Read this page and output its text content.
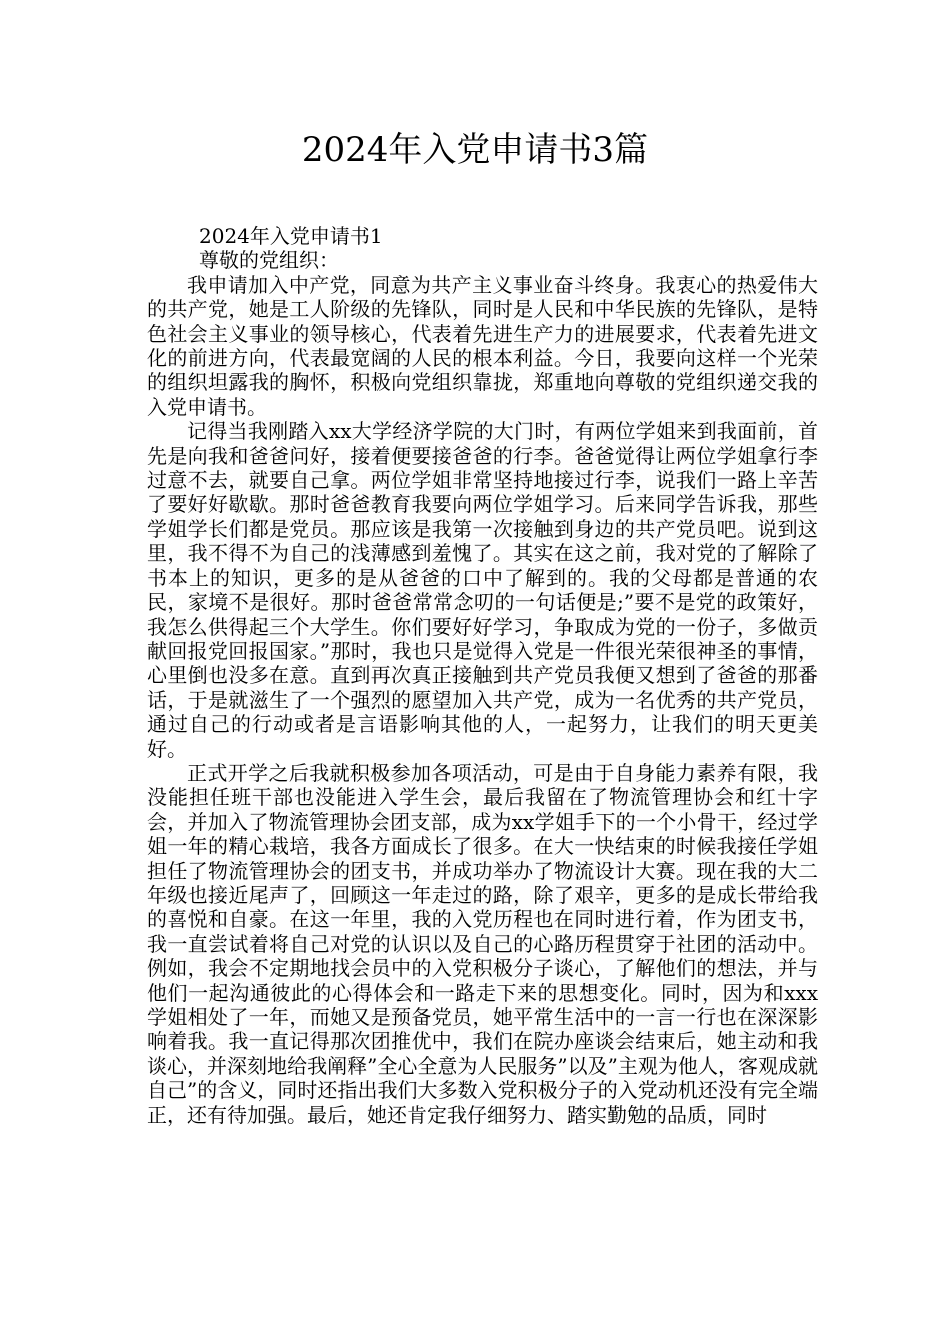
2024年入党申请书3篇

2024年入党申请书1

尊敬的党组织：

我申请加入中产党，同意为共产主义事业奋斗终身。我衷心的热爱伟大的共产党，她是工人阶级的先锋队，同时是人民和中华民族的先锋队，是特色社会主义事业的领导核心，代表着先进生产力的进展要求，代表着先进文化的前进方向，代表最宽阔的人民的根本利益。今日，我要向这样一个光荣的组织坦露我的胸怀，积极向党组织靠拢，郑重地向尊敬的党组织递交我的入党申请书。

记得当我刚踏入xx大学经济学院的大门时，有两位学姐来到我面前，首先是向我和爸爸问好，接着便要接爸爸的行李。爸爸觉得让两位学姐拿行李过意不去，就要自己拿。两位学姐非常坚持地接过行李，说我们一路上辛苦了要好好歇歇。那时爸爸教育我要向两位学姐学习。后来同学告诉我，那些学姐学长们都是党员。那应该是我第一次接触到身边的共产党员吧。说到这里，我不得不为自己的浅薄感到羞愧了。其实在这之前，我对党的了解除了书本上的知识，更多的是从爸爸的口中了解到的。我的父母都是普通的农民，家境不是很好。那时爸爸常常念叨的一句话便是;”要不是党的政策好，我怎么供得起三个大学生。你们要好好学习，争取成为党的一份子，多做贡献回报党回报国家。”那时，我也只是觉得入党是一件很光荣很神圣的事情，心里倒也没多在意。直到再次真正接触到共产党员我便又想到了爸爸的那番话，于是就滋生了一个强烈的愿望加入共产党，成为一名优秀的共产党员，通过自己的行动或者是言语影响其他的人，一起努力，让我们的明天更美好。

正式开学之后我就积极参加各项活动，可是由于自身能力素养有限，我没能担任班干部也没能进入学生会，最后我留在了物流管理协会和红十字会，并加入了物流管理协会团支部，成为xx学姐手下的一个小骨干，经过学姐一年的精心栽培，我各方面成长了很多。在大一快结束的时候我接任学姐担任了物流管理协会的团支书，并成功举办了物流设计大赛。现在我的大二年级也接近尾声了，回顾这一年走过的路，除了艰辛，更多的是成长带给我的喜悦和自豪。在这一年里，我的入党历程也在同时进行着，作为团支书，我一直尝试着将自己对党的认识以及自己的心路历程贯穿于社团的活动中。例如，我会不定期地找会员中的入党积极分子谈心，了解他们的想法，并与他们一起沟通彼此的心得体会和一路走下来的思想变化。同时，因为和xxx学姐相处了一年，而她又是预备党员，她平常生活中的一言一行也在深深影响着我。我一直记得那次团推优中，我们在院办座谈会结束后，她主动和我谈心，并深刻地给我阐释”全心全意为人民服务”以及”主观为他人，客观成就自己”的含义，同时还指出我们大多数入党积极分子的入党动机还没有完全端正，还有待加强。最后，她还肯定我仔细努力、踏实勤勉的品质，同时
